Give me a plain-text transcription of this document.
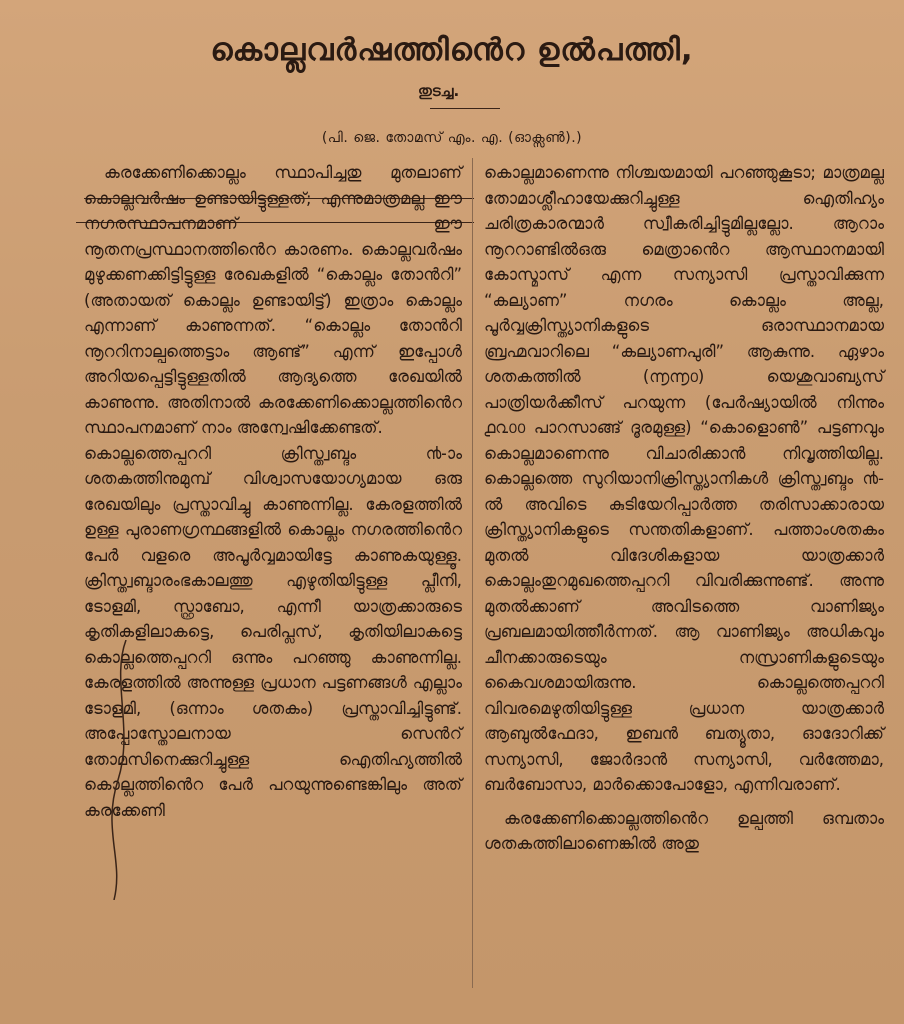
കൊല്ലവർഷത്തിൻെറ ഉൽപത്തി,
തുടച്ച.
(പി. ജെ. തോമസ് എം. എ. (ഓക്സൺ).)

കരക്കേണിക്കൊല്ലം സ്ഥാപിച്ചതു മുതലാണ് കൊല്ലവർഷം ഉണ്ടായിട്ടുള്ളത്; എന്നുമാത്രമല്ല ഈ നഗരസ്ഥാപനമാണ് ഈ നൂതനപ്രസ്ഥാനത്തിൻെറ കാരണം. കൊല്ലവർഷം മുഴുക്കണക്കിട്ടിട്ടുള്ള രേഖകളിൽ “കൊല്ലം തോൻറി” (അതായത് കൊല്ലം ഉണ്ടായിട്ട്) ഇത്രാം കൊല്ലം എന്നാണ് കാണുന്നത്. “കൊല്ലം തോൻറി നൂററിനാല്പത്തെട്ടാം ആണ്ട്” എന്ന് ഇപ്പോൾ അറിയപ്പെട്ടിട്ടുള്ളതിൽ ആദ്യത്തെ രേഖയിൽ കാണുന്നു. അതിനാൽ കരക്കേണിക്കൊല്ലത്തിൻെറ സ്ഥാപനമാണ് നാം അന്വേഷിക്കേണ്ടത്.

കൊല്ലത്തെപ്പററി ക്രിസ്ത്വബ്ദം ൯-ാം ശതകത്തിനുമുമ്പ് വിശ്വാസയോഗ്യമായ ഒരു രേഖയിലും പ്രസ്താവിച്ചു കാണുന്നില്ല. കേരളത്തിൽ ഉള്ള പുരാണഗ്രന്ഥങ്ങളിൽ കൊല്ലം നഗരത്തിൻെറ പേർ വളരെ അപൂർവ്വമായിട്ടേ കാണുകയുള്ളൂ. ക്രിസ്ത്വബ്ദാരംഭകാലത്തു എഴുതിയിട്ടുള്ള പ്ലീനി, ടോളമി, സ്റ്റ്രാബോ, എന്നീ യാത്രക്കാരുടെ കൃതികളിലാകട്ടെ, പെരിപ്ലസ്, കൃതിയിലാകട്ടെ കൊല്ലത്തെപ്പററി ഒന്നും പറഞ്ഞു കാണുന്നില്ല. കേരളത്തിൽ അന്നുള്ള പ്രധാന പട്ടണങ്ങൾ എല്ലാം ടോളമി, (ഒന്നാം ശതകം) പ്രസ്താവിച്ചിട്ടുണ്ട്. അപ്പോസ്തോലനായ സെൻറ് തോമസിനെക്കുറിച്ചുള്ള ഐതിഹ്യത്തിൽ കൊല്ലത്തിൻെറ പേർ പറയുന്നുണ്ടെങ്കിലും അത് കരക്കേണി

കൊല്ലമാണെന്നു നിശ്ചയമായി പറഞ്ഞുകൂടാ; മാത്രമല്ല തോമാശ്ലീഹായേക്കുറിച്ചുള്ള ഐതിഹ്യം ചരിത്രകാരന്മാർ സ്വീകരിച്ചിട്ടുമില്ലല്ലോ. ആറാം നൂററാണ്ടിൽഒരു മെത്രാൻെറ ആസ്ഥാനമായി കോസ്മാസ് എന്ന സന്യാസി പ്രസ്താവിക്കുന്ന “കല്യാണ” നഗരം കൊല്ലം അല്ല, പൂർവ്വക്രിസ്ത്യാനികളുടെ ഒരാസ്ഥാനമായ ബ്രഹ്മവാറിലെ “കല്യാണപുരി” ആകുന്നു. ഏഴാം ശതകത്തിൽ (൬൬൦) യെശുവാബ്യസ് പാത്രിയർക്കീസ് പറയുന്ന (പേർഷ്യായിൽ നിന്നും ൧൨൦൦ പാറസാങ്ങ് ദൂരമുള്ള) “കൊളൊൺ” പട്ടണവും കൊല്ലമാണെന്നു വിചാരിക്കാൻ നിവൃത്തിയില്ല. കൊല്ലത്തെ സുറിയാനിക്രിസ്ത്യാനികൾ ക്രിസ്ത്വബ്ദം ൯-ൽ അവിടെ കുടിയേറിപ്പാർത്ത തരിസാക്കാരായ ക്രിസ്ത്യാനികളുടെ സന്തതികളാണ്. പത്താംശതകം മുതൽ വിദേശികളായ യാത്രക്കാർ കൊല്ലംതുറമുഖത്തെപ്പററി വിവരിക്കുന്നുണ്ട്. അന്നു മുതൽക്കാണ് അവിടത്തെ വാണിജ്യം പ്രബലമായിത്തീർന്നത്. ആ വാണിജ്യം അധികവും ചീനക്കാരുടെയും നസ്രാണികളുടെയും കൈവശമായിരുന്നു. കൊല്ലത്തെപ്പററി വിവരമെഴുതിയിട്ടുള്ള പ്രധാന യാത്രക്കാർ ആബുൽഫേദാ, ഇബൻ ബത്യൂതാ, ഓദോറിക്ക് സന്യാസി, ജോർദാൻ സന്യാസി, വർത്തേമാ, ബർബോസാ, മാർക്കൊപോളോ, എന്നിവരാണ്.

കരക്കേണിക്കൊല്ലത്തിൻെറ ഉല്പത്തി ഒമ്പതാം ശതകത്തിലാണെങ്കിൽ അതു
